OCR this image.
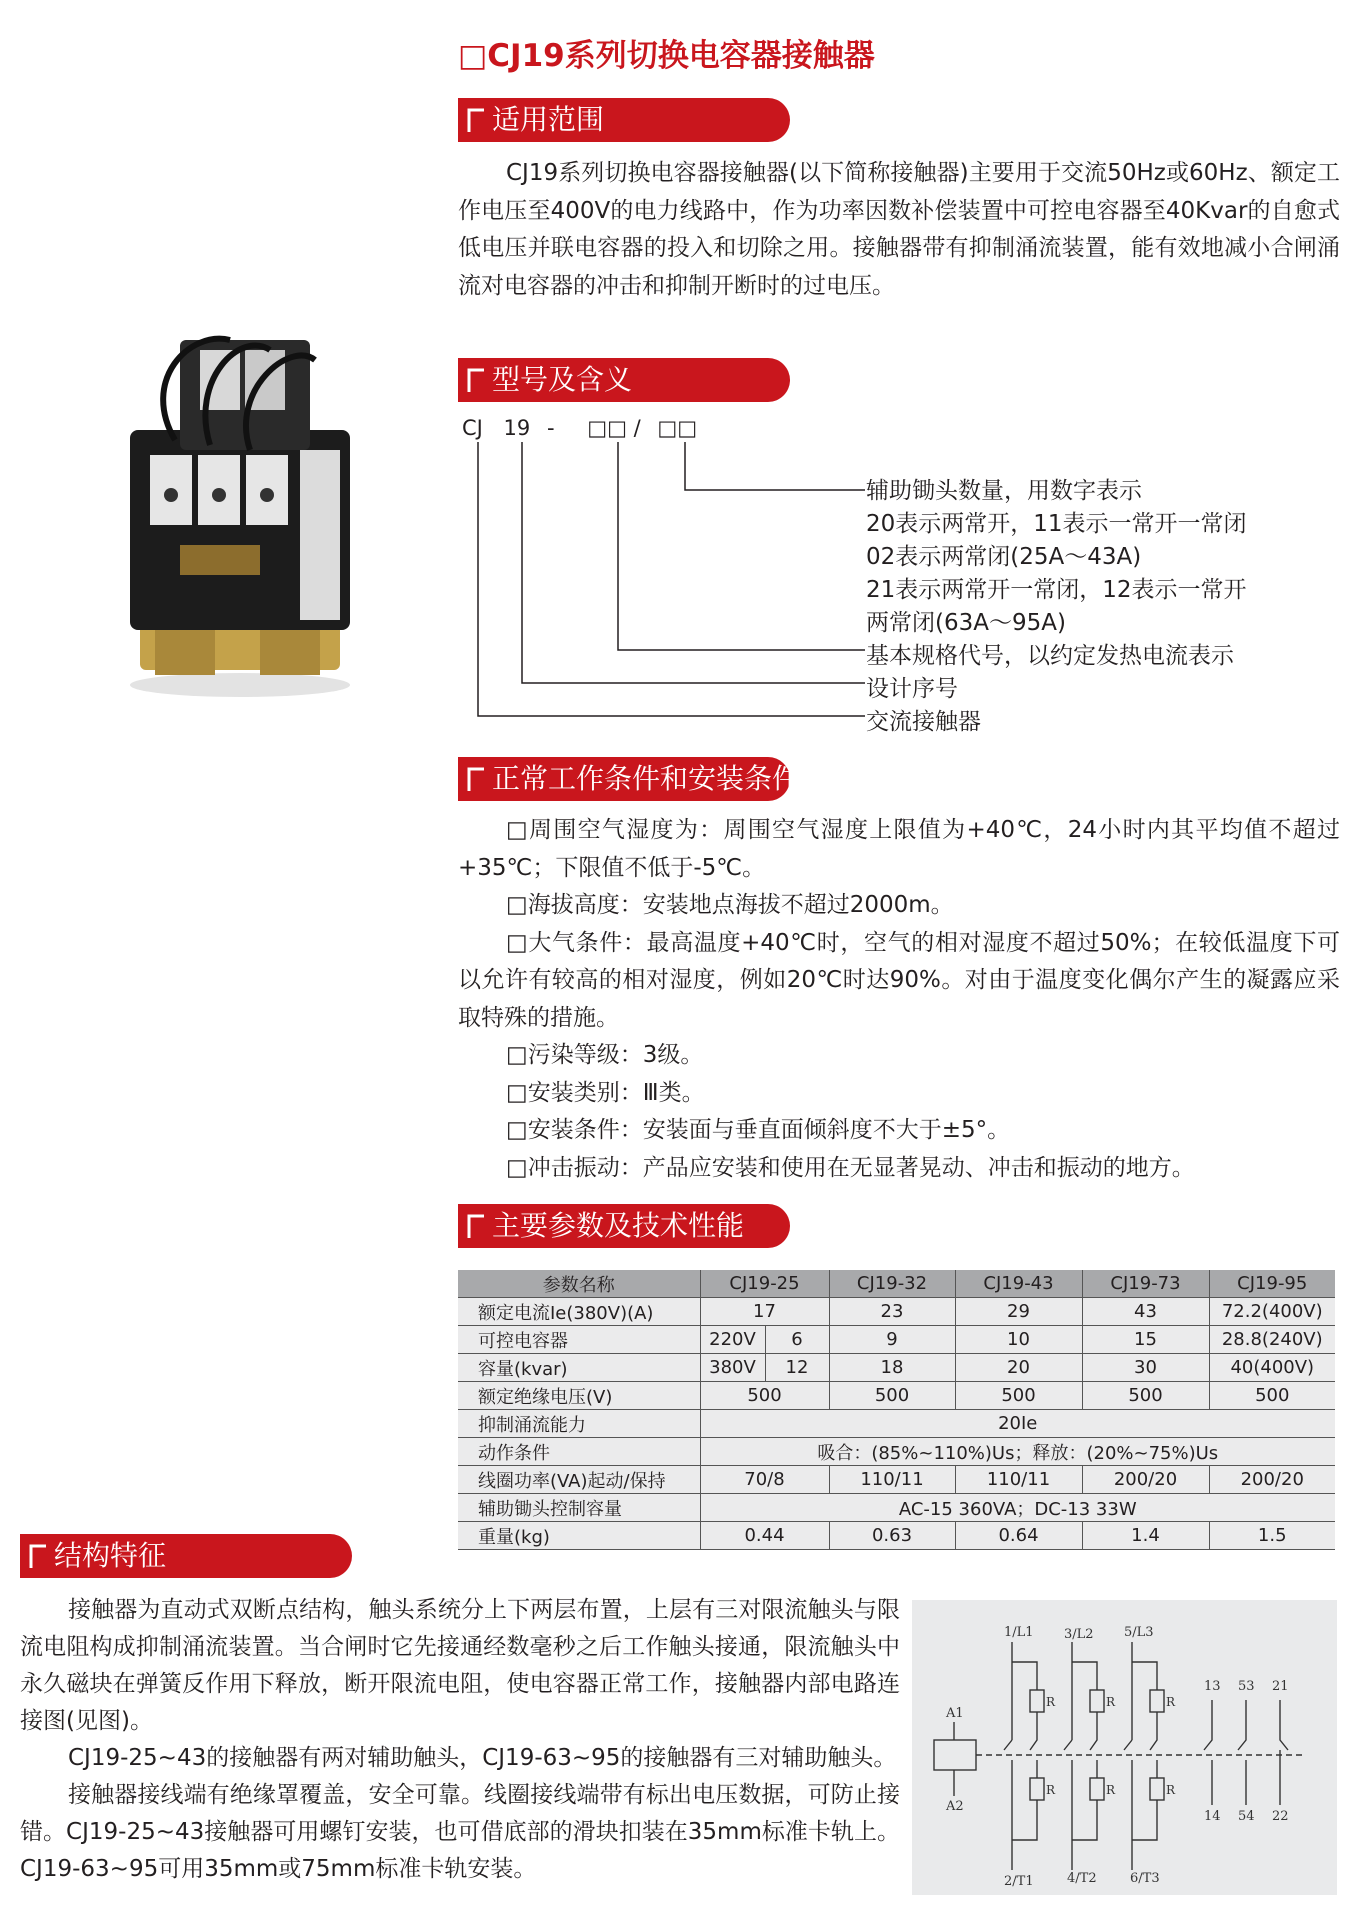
□CJ19系列切换电容器接触器
适用范围

CJ19系列切换电容器接触器(以下简称接触器)主要用于交流50Hz或60Hz、额定工作电压至400V的电力线路中，作为功率因数补偿装置中可控电容器至40Kvar的自愈式低电压并联电容器的投入和切除之用。接触器带有抑制涌流装置，能有效地减小合闸涌流对电容器的冲击和抑制开断时的过电压。

型号及含义
CJ 19 - □□ / □□
辅助锄头数量，用数字表示
20表示两常开，11表示一常开一常闭
02表示两常闭(25A～43A)
21表示两常开一常闭，12表示一常开
两常闭(63A～95A)
基本规格代号，以约定发热电流表示
设计序号
交流接触器
正常工作条件和安装条件

□周围空气湿度为：周围空气湿度上限值为+40℃，24小时内其平均值不超过+35℃；下限值不低于-5℃。

□海拔高度：安装地点海拔不超过2000m。

□大气条件：最高温度+40℃时，空气的相对湿度不超过50%；在较低温度下可以允许有较高的相对湿度，例如20℃时达90%。对由于温度变化偶尔产生的凝露应采取特殊的措施。

□污染等级：3级。

□安装类别：Ⅲ类。

□安装条件：安装面与垂直面倾斜度不大于±5°。

□冲击振动：产品应安装和使用在无显著晃动、冲击和振动的地方。

主要参数及技术性能
参数名称	CJ19-25		CJ19-32	CJ19-43	CJ19-73	CJ19-95
额定电流Ie(380V)(A)	17		23	29	43	72.2(400V)
可控电容器	220V	6	9	10	15	28.8(240V)
容量(kvar)	380V	12	18	20	30	40(400V)
额定绝缘电压(V)	500		500	500	500	500
抑制涌流能力	20Ie					
动作条件	吸合：(85%~110%)Us；释放：(20%~75%)Us					
线圈功率(VA)起动/保持	70/8		110/11	110/11	200/20	200/20
辅助锄头控制容量	AC-15 360VA；DC-13 33W					
重量(kg)	0.44		0.63	0.64	1.4	1.5
结构特征

接触器为直动式双断点结构，触头系统分上下两层布置，上层有三对限流触头与限流电阻构成抑制涌流装置。当合闸时它先接通经数毫秒之后工作触头接通，限流触头中永久磁块在弹簧反作用下释放，断开限流电阻，使电容器正常工作，接触器内部电路连接图(见图)。

CJ19-25~43的接触器有两对辅助触头，CJ19-63~95的接触器有三对辅助触头。

接触器接线端有绝缘罩覆盖，安全可靠。线圈接线端带有标出电压数据，可防止接错。CJ19-25~43接触器可用螺钉安装，也可借底部的滑块扣装在35mm标准卡轨上。CJ19-63~95可用35mm或75mm标准卡轨安装。

1/L1 3/L2 5/L3
2/T1	4/T2	6/T3
A1
A2
13 53 21
14 54 22
R	R	R
R	R	R
